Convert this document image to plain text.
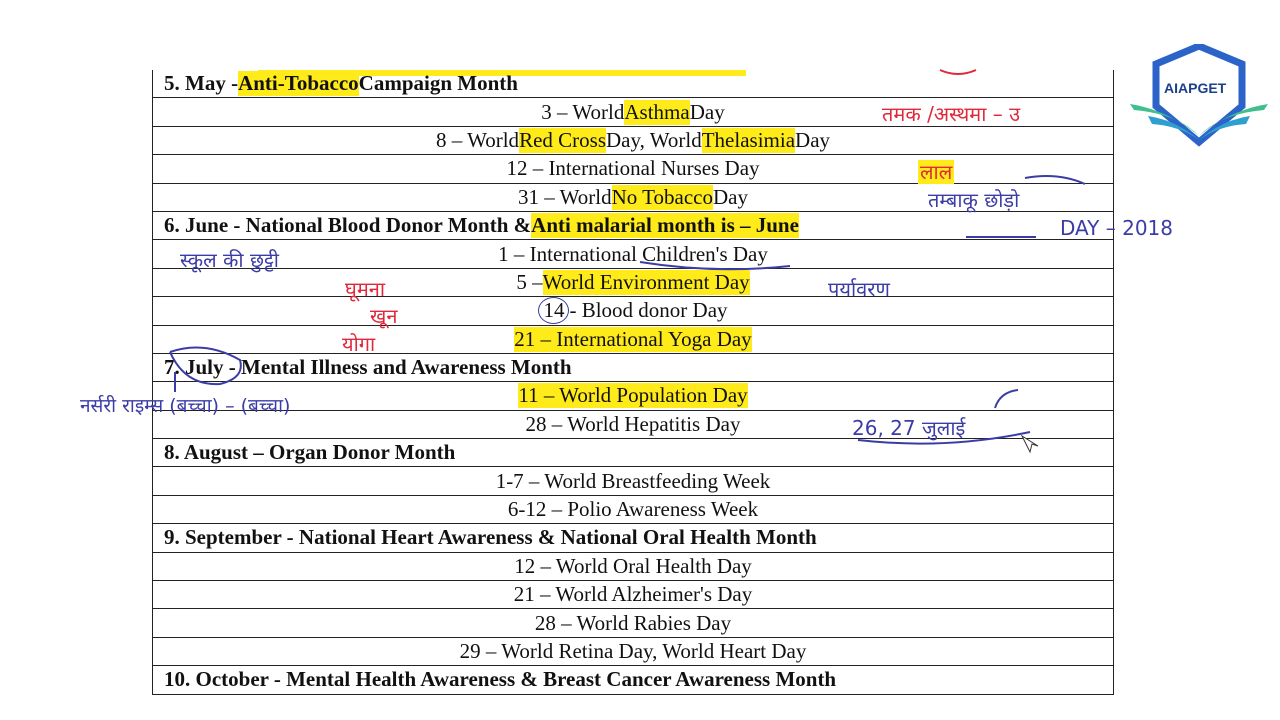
5. May - Anti-Tobacco Campaign Month
3 – World Asthma Day
8 – World Red Cross Day, World Thelasimia Day
12 – International Nurses Day
31 – World No Tobacco Day
6. June - National Blood Donor Month & Anti malarial month is – June
1 – International Children's Day
5 – World Environment Day
14 - Blood donor Day
21 – International Yoga Day
7. July - Mental Illness and Awareness Month
11 – World Population Day
28 – World Hepatitis Day
8. August – Organ Donor Month
1-7 – World Breastfeeding Week
6-12 – Polio Awareness Week
9. September - National Heart Awareness & National Oral Health Month
12 – World Oral Health Day
21 – World Alzheimer's Day
28 – World Rabies Day
29 – World Retina Day, World Heart Day
10. October - Mental Health Awareness & Breast Cancer Awareness Month
तमक /अस्थमा – उ
लाल
तम्बाकू छोड़ो
DAY – 2018
स्कूल की छुट्टी
घूमना
खून
योगा
पर्यावरण
नर्सरी राइम्स (बच्चा) – (बच्चा)
26, 27 जुलाई
AIAPGET
